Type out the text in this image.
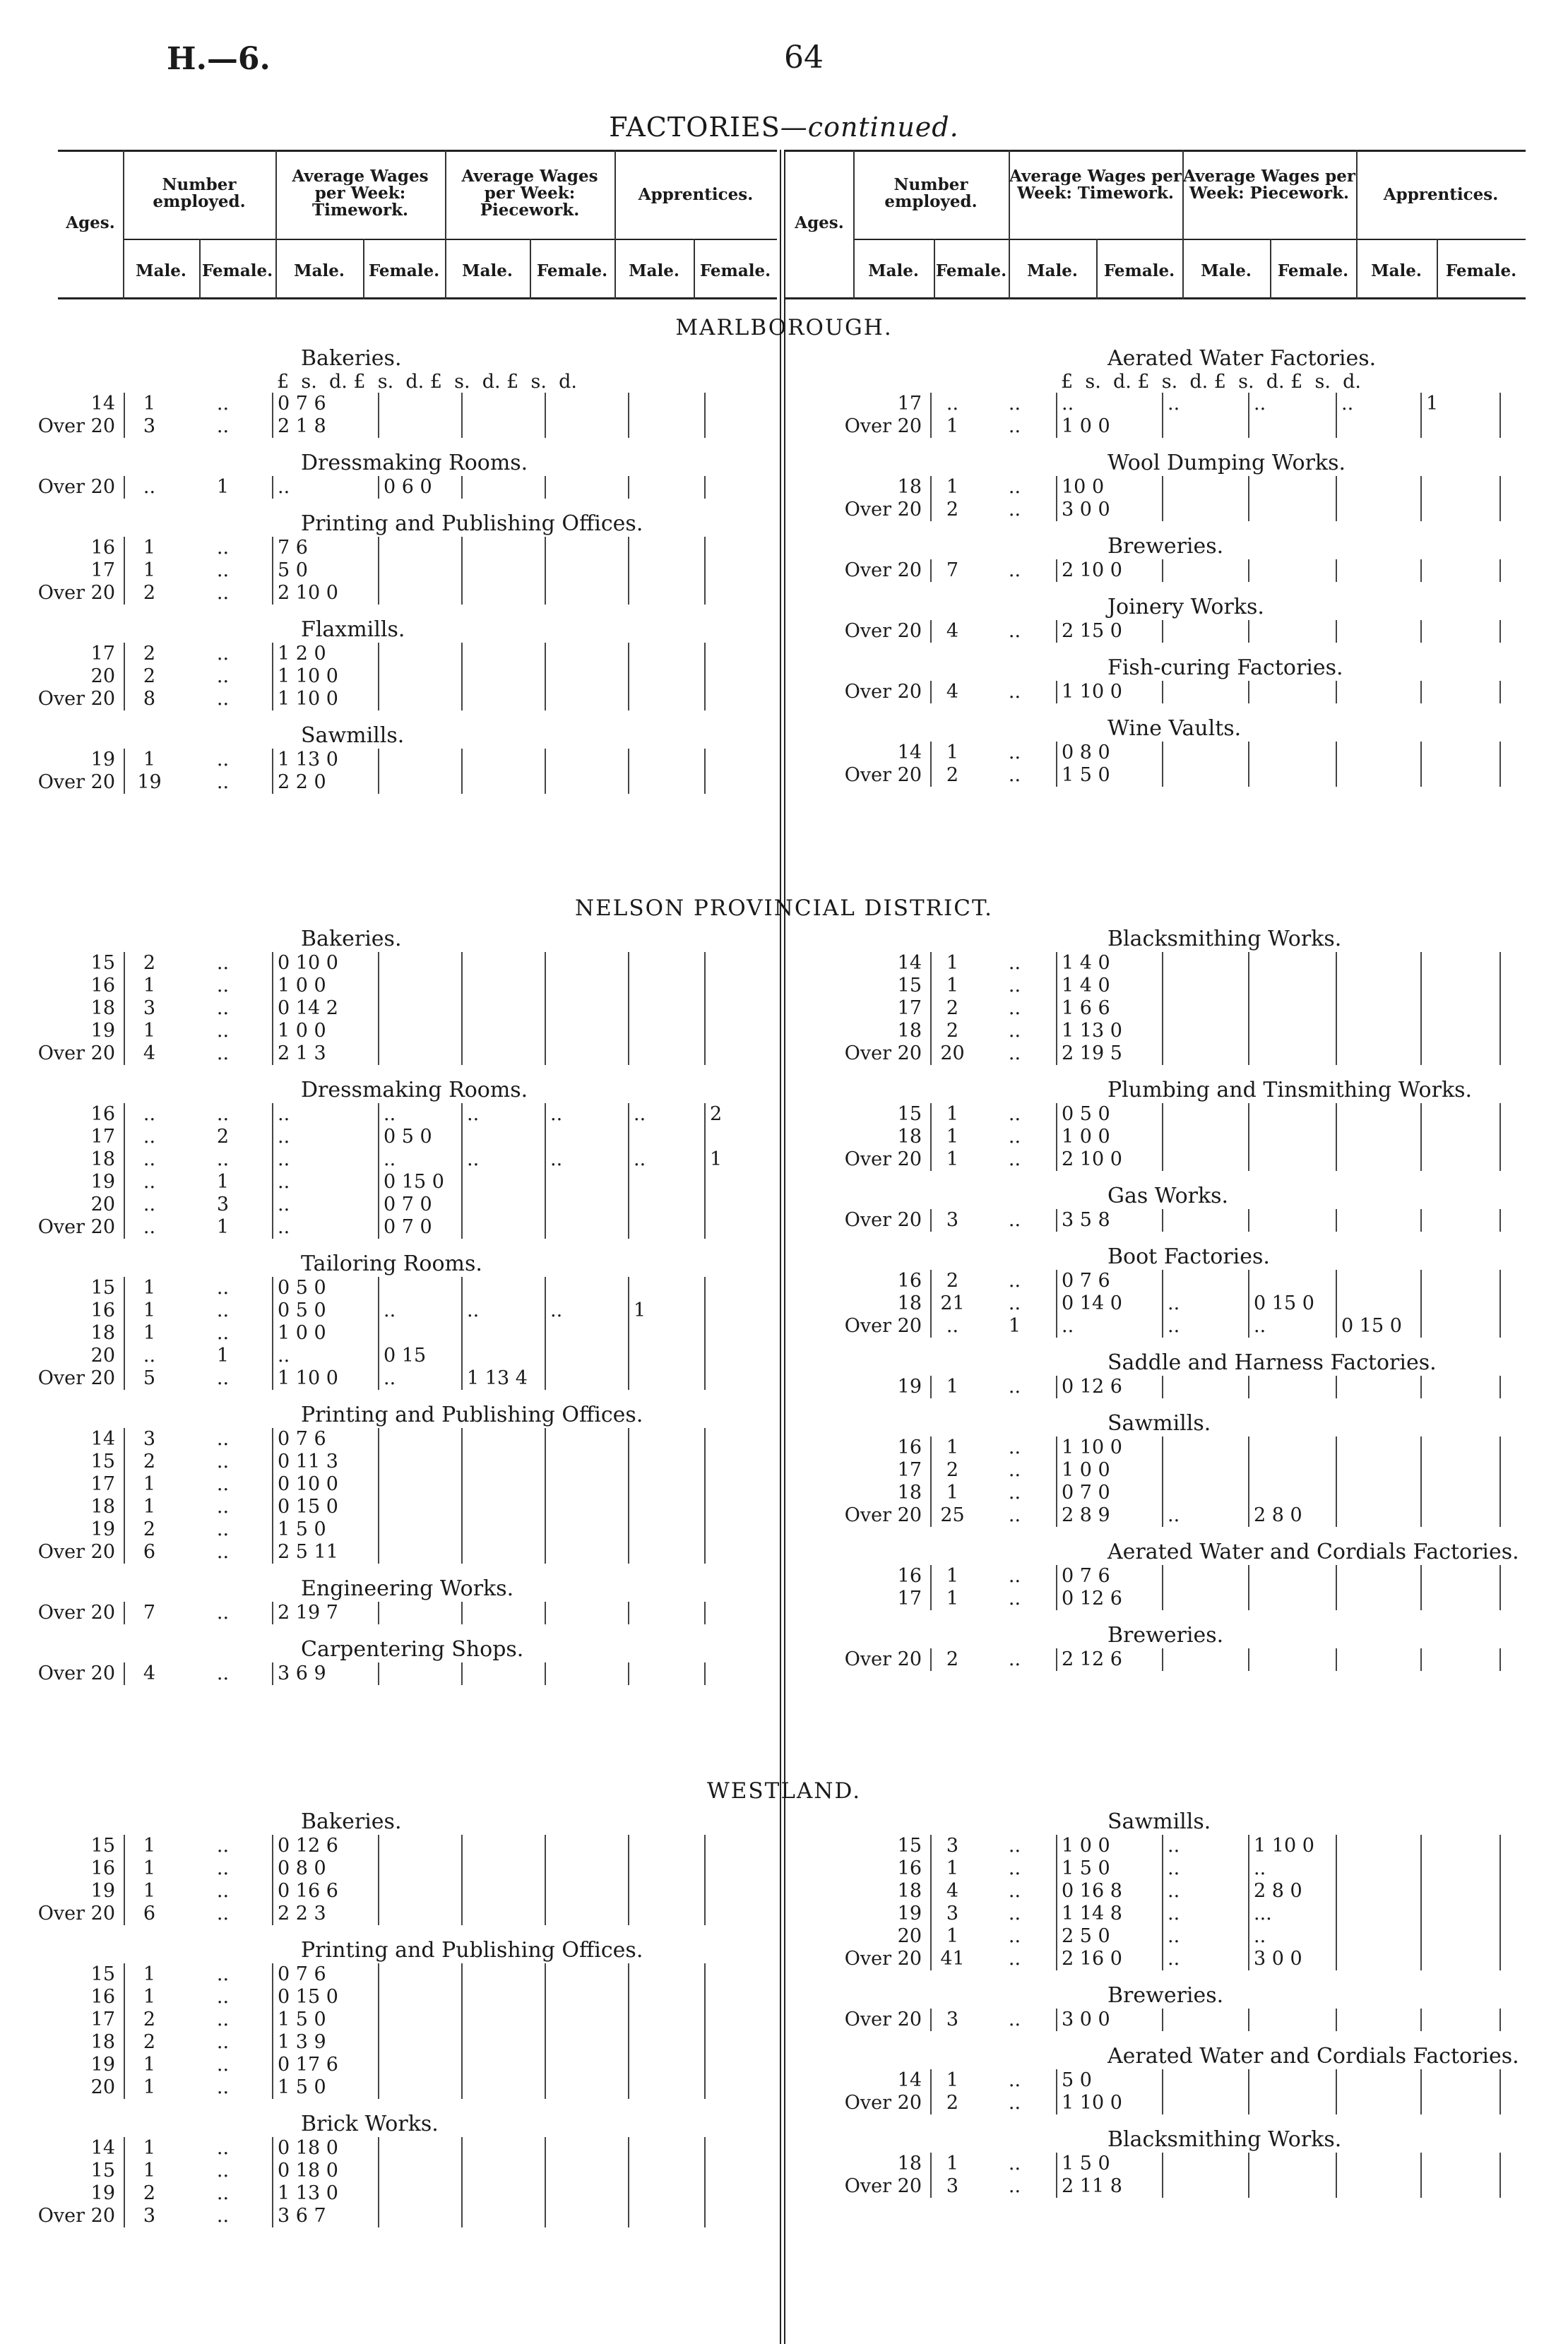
H.—6.	64
FACTORIES—continued.
Ages.
Number employed.
Average Wages per Week: Timework.
Average Wages per Week: Piecework.
Apprentices.
Male. Female.	Male.	Female.	Male.	Female.	Male.	Female.
Ages.
Number employed.
Average Wages per Week: Timework.
Average Wages per Week: Piecework.	Apprentices.
Male.	Female.	Male.	Female.	Male.	Female.	Male.	Female.
MARLBOROUGH.
Bakeries.
£  s.  d. £  s.  d. £  s.  d. £  s.  d.
14	1	..	0 7 6					
Over 20	3	..	2 1 8					
Dressmaking Rooms.
Over 20	..	1	..	0 6 0				
Printing and Publishing Offices.
16	1	..	7 6					
17	1	..	5 0					
Over 20	2	..	2 10 0					
Flaxmills.
17	2	..	1 2 0					
20	2	..	1 10 0					
Over 20	8	..	1 10 0					
Sawmills.
19	1	..	1 13 0					
Over 20	19	..	2 2 0					
Aerated Water Factories.
£  s.  d. £  s.  d. £  s.  d. £  s.  d.
17	..	..	..	..	..	..	1	
Over 20	1	..	1 0 0					
Wool Dumping Works.
18	1	..	10 0					
Over 20	2	..	3 0 0					
Breweries.
Over 20	7	..	2 10 0					
Joinery Works.
Over 20	4	..	2 15 0					
Fish-curing Factories.
Over 20	4	..	1 10 0					
Wine Vaults.
14	1	..	0 8 0					
Over 20	2	..	1 5 0					
NELSON PROVINCIAL DISTRICT.
Bakeries.
15	2	..	0 10 0					
16	1	..	1 0 0					
18	3	..	0 14 2					
19	1	..	1 0 0					
Over 20	4	..	2 1 3					
Dressmaking Rooms.
16	..	..	..	..	..	..	..	2
17	..	2	..	0 5 0				
18	..	..	..	..	..	..	..	1
19	..	1	..	0 15 0				
20	..	3	..	0 7 0				
Over 20	..	1	..	0 7 0				
Tailoring Rooms.
15	1	..	0 5 0					
16	1	..	0 5 0	..	..	..	1	
18	1	..	1 0 0					
20	..	1	..	0 15				
Over 20	5	..	1 10 0	..	1 13 4			
Printing and Publishing Offices.
14	3	..	0 7 6					
15	2	..	0 11 3					
17	1	..	0 10 0					
18	1	..	0 15 0					
19	2	..	1 5 0					
Over 20	6	..	2 5 11					
Engineering Works.
Over 20	7	..	2 19 7					
Carpentering Shops.
Over 20	4	..	3 6 9					
Blacksmithing Works.
14	1	..	1 4 0					
15	1	..	1 4 0					
17	2	..	1 6 6					
18	2	..	1 13 0					
Over 20	20	..	2 19 5					
Plumbing and Tinsmithing Works.
15	1	..	0 5 0					
18	1	..	1 0 0					
Over 20	1	..	2 10 0					
Gas Works.
Over 20	3	..	3 5 8					
Boot Factories.
16	2	..	0 7 6					
18	21	..	0 14 0	..	0 15 0			
Over 20	..	1	..	..	..	0 15 0		
Saddle and Harness Factories.
19	1	..	0 12 6					
Sawmills.
16	1	..	1 10 0					
17	2	..	1 0 0					
18	1	..	0 7 0					
Over 20	25	..	2 8 9	..	2 8 0			
Aerated Water and Cordials Factories.
16	1	..	0 7 6					
17	1	..	0 12 6					
Breweries.
Over 20	2	..	2 12 6					
WESTLAND.
Bakeries.
15	1	..	0 12 6					
16	1	..	0 8 0					
19	1	..	0 16 6					
Over 20	6	..	2 2 3					
Printing and Publishing Offices.
15	1	..	0 7 6					
16	1	..	0 15 0					
17	2	..	1 5 0					
18	2	..	1 3 9					
19	1	..	0 17 6					
20	1	..	1 5 0					
Brick Works.
14	1	..	0 18 0					
15	1	..	0 18 0					
19	2	..	1 13 0					
Over 20	3	..	3 6 7					
Sawmills.
15	3	..	1 0 0	..	1 10 0			
16	1	..	1 5 0	..	..			
18	4	..	0 16 8	..	2 8 0			
19	3	..	1 14 8	..	...			
20	1	..	2 5 0	..	..			
Over 20	41	..	2 16 0	..	3 0 0			
Breweries.
Over 20	3	..	3 0 0					
Aerated Water and Cordials Factories.
14	1	..	5 0					
Over 20	2	..	1 10 0					
Blacksmithing Works.
18	1	..	1 5 0					
Over 20	3	..	2 11 8					
